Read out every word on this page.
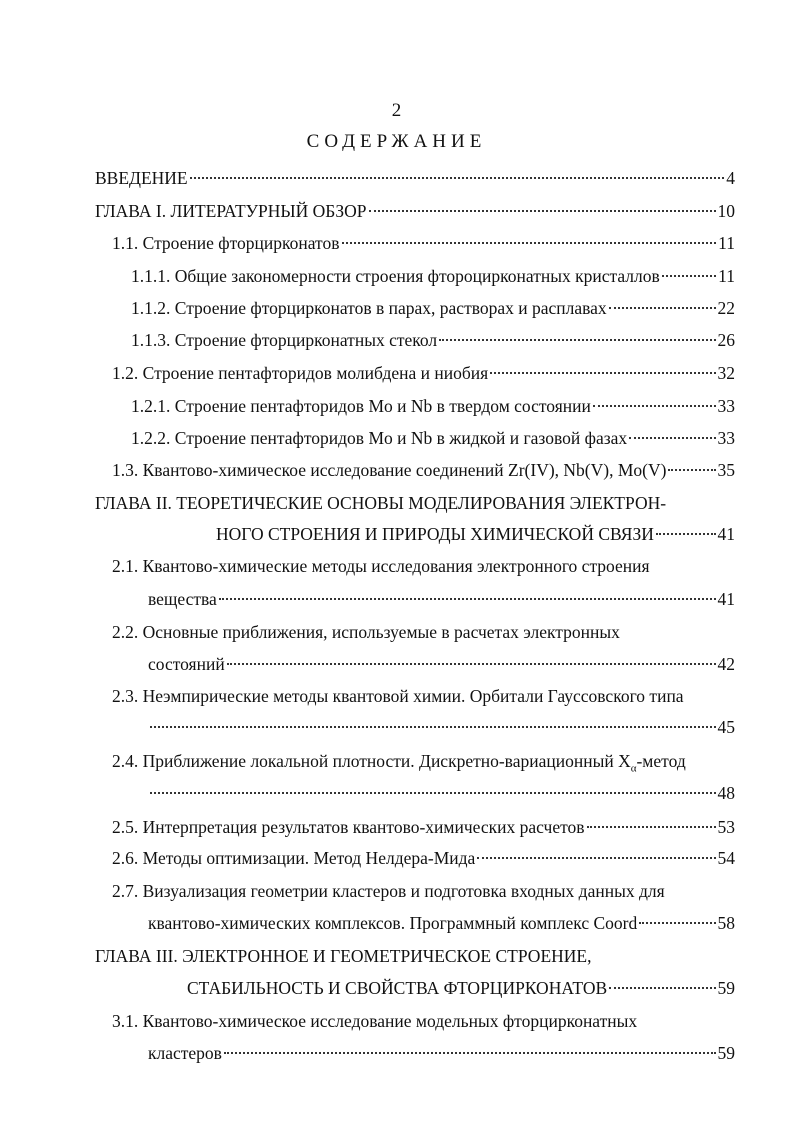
2
СОДЕРЖАНИЕ
ВВЕДЕНИЕ	4
ГЛАВА I. ЛИТЕРАТУРНЫЙ ОБЗОР	10
1.1. Строение фторцирконатов	11
1.1.1. Общие закономерности строения фтороцирконатных кристаллов	11
1.1.2. Строение фторцирконатов в парах, растворах и расплавах	22
1.1.3. Строение фторцирконатных стекол	26
1.2. Строение пентафторидов молибдена и ниобия	32
1.2.1. Строение пентафторидов Mo и Nb в твердом состоянии	33
1.2.2. Строение пентафторидов Mo и Nb в жидкой и газовой фазах	33
1.3. Квантово-химическое исследование соединений Zr(IV), Nb(V), Mo(V)	35
ГЛАВА II. ТЕОРЕТИЧЕСКИЕ ОСНОВЫ МОДЕЛИРОВАНИЯ ЭЛЕКТРОН-
НОГО СТРОЕНИЯ И ПРИРОДЫ ХИМИЧЕСКОЙ СВЯЗИ	41
2.1. Квантово-химические методы исследования электронного строения
вещества	41
2.2. Основные приближения, используемые в расчетах электронных
состояний	42
2.3. Неэмпирические методы квантовой химии. Орбитали Гауссовского типа
45
2.4. Приближение локальной плотности. Дискретно-вариационный $X_\alpha$-метод
48
2.5. Интерпретация результатов квантово-химических расчетов	53
2.6. Методы оптимизации. Метод Нелдера-Мида	54
2.7. Визуализация геометрии кластеров и подготовка входных данных для
квантово-химических комплексов. Программный комплекс Coord	58
ГЛАВА III. ЭЛЕКТРОННОЕ И ГЕОМЕТРИЧЕСКОЕ СТРОЕНИЕ,
СТАБИЛЬНОСТЬ И СВОЙСТВА ФТОРЦИРКОНАТОВ	59
3.1. Квантово-химическое исследование модельных фторцирконатных
кластеров	59
